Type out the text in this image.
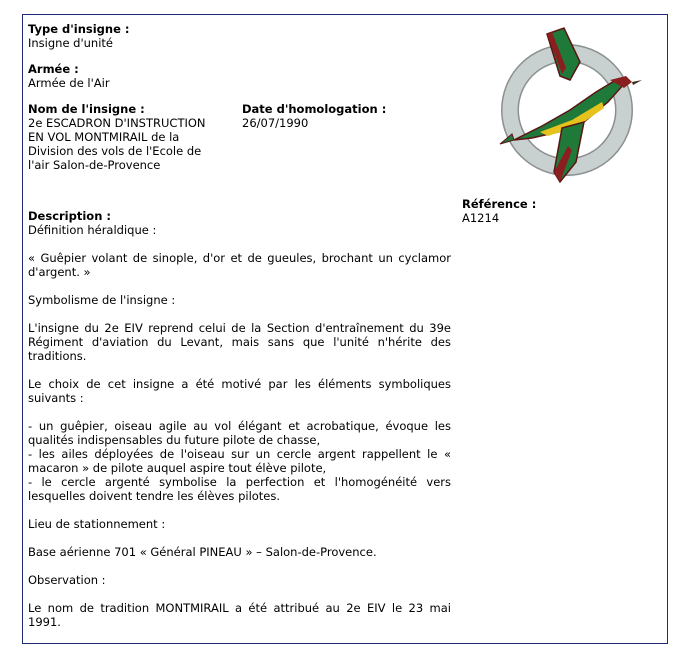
Type d'insigne :
Insigne d'unité
Armée :
Armée de l'Air
Nom de l'insigne :
2e ESCADRON D'INSTRUCTION EN VOL MONTMIRAIL de la Division des vols de l'Ecole de l'air Salon-de-Provence
Date d'homologation :
26/07/1990
Référence :
A1214
Description :

Définition héraldique :

« Guêpier volant de sinople, d'or et de gueules, brochant un cyclamor d'argent. »

Symbolisme de l'insigne :

L'insigne du 2e EIV reprend celui de la Section d'entraînement du 39e Régiment d'aviation du Levant, mais sans que l'unité n'hérite des traditions.

Le choix de cet insigne a été motivé par les éléments symboliques suivants :

- un guêpier, oiseau agile au vol élégant et acrobatique, évoque les qualités indispensables du future pilote de chasse,

- les ailes déployées de l'oiseau sur un cercle argent rappellent le « macaron » de pilote auquel aspire tout élève pilote,

- le cercle argenté symbolise la perfection et l'homogénéité vers lesquelles doivent tendre les élèves pilotes.

Lieu de stationnement :

Base aérienne 701 « Général PINEAU » – Salon-de-Provence.

Observation :

Le nom de tradition MONTMIRAIL a été attribué au 2e EIV le 23 mai 1991.
